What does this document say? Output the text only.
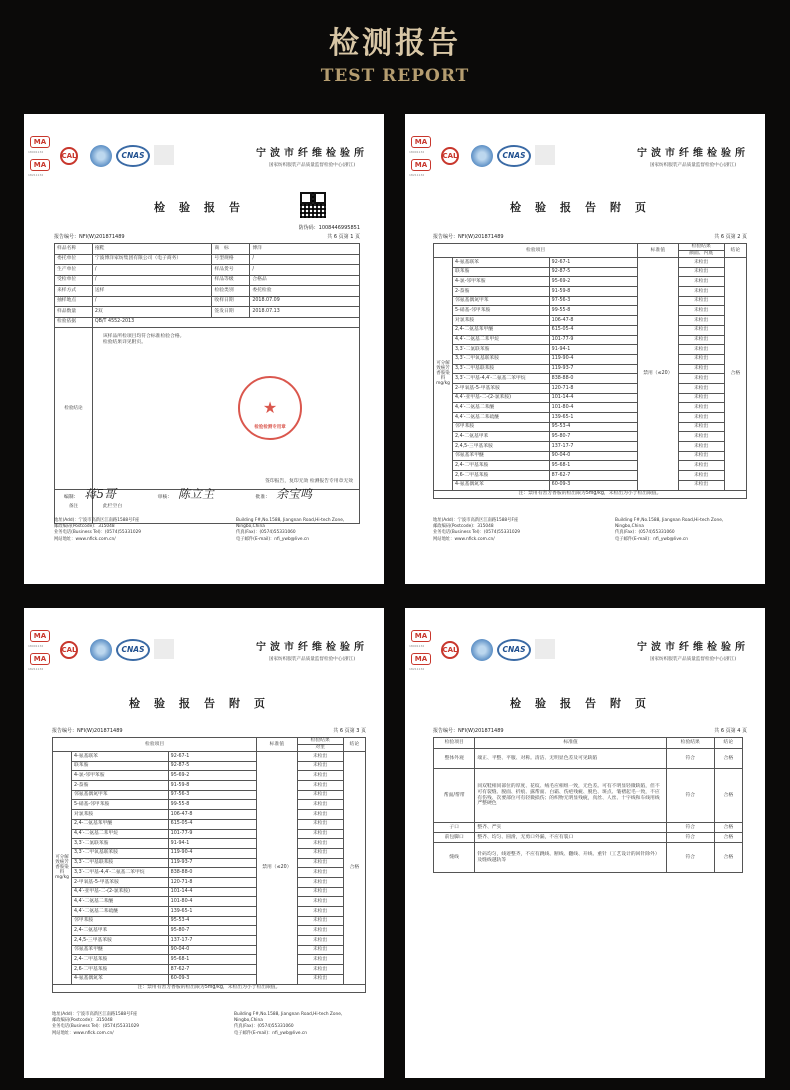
检测报告
TEST REPORT
MA
18001132
MA
18211132
CAL	CNAS	宁波市纤维检验所
国家纺织服装产品质量监督检验中心(浙江)
检验报告
防伪码：1008446995851
报告编号：NFI(W)201871489	共 6 页第 1 页
样品名称	拖鞋	商　标	博洋
委托单位	宁波博洋家纺集团有限公司（电子商务）	号型规格	/
生产单位	/	样品货号	/
受检单位	/	样品等级	合格品
来样方式	送样	检验类别	委托检验
抽样地点	/	收样日期	2018.07.09
样品数量	2双	签发日期	2018.07.13
检验依据	QB/T 4552-2013		
检验结论	该样品所检项目均符合标准检验合格。
检验结果详见附页。
签印报告，复印无效 检测报告专用章无效		

备注	此栏空白		
★
检验检测专用章
编制： 蒋5哥	审核： 陈立主	批准： 余宝鸣
地址(Add)：宁波市高新区江南路1588号F座
邮政编码(Postcode)：315048
业务电话(Business Tel)：(0574)55331029
网站地址：www.nfick.com.cn/
Building F#,No.1588, Jiangnan Road,Hi-tech Zone,
Ningbo,China
传真(Fax)：(0574)55331060
电子邮件(E-mail)：nfi_ywb@live.cn
MA
18001132
MA
18211132
CAL	CNAS	宁波市纤维检验所
国家纺织服装产品质量监督检验中心(浙江)
检验报告附页
报告编号：NFI(W)201871489	共 6 页第 2 页
检验项目			标准值	检验结果	结论
				颜面、内底	

可分解致癌芳香胺染料
mg/kg	4-氨基联苯	92-67-1	禁用（≤20）	未检出	合格
	联苯胺	92-87-5		未检出	
	4-氯-邻甲苯胺	95-69-2		未检出	
	2-萘胺	91-59-8		未检出	
	邻氨基偶氮甲苯	97-56-3		未检出	
	5-硝基-邻甲苯胺	99-55-8		未检出	
	对氯苯胺	106-47-8		未检出	
	2,4-二氨基苯甲醚	615-05-4		未检出	
	4,4′-二氨基二苯甲烷	101-77-9		未检出	
	3,3′-二氯联苯胺	91-94-1		未检出	
	3,3′-二甲氧基联苯胺	119-90-4		未检出	
	3,3′-二甲基联苯胺	119-93-7		未检出	
	3,3′-二甲基-4,4′-二氨基二苯甲烷	838-88-0		未检出	
	2-甲氧基-5-甲基苯胺	120-71-8		未检出	
	4,4′-亚甲基-二-(2-氯苯胺)	101-14-4		未检出	
	4,4′-二氨基二苯醚	101-80-4		未检出	
	4,4′-二氨基二苯硫醚	139-65-1		未检出	
	邻甲苯胺	95-53-4		未检出	
	2,4-二氨基甲苯	95-80-7		未检出	
	2,4,5-三甲基苯胺	137-17-7		未检出	
	邻氨基苯甲醚	90-04-0		未检出	
	2,4-二甲基苯胺	95-68-1		未检出	
	2,6-二甲基苯胺	87-62-7		未检出	
	4-氨基偶氮苯	60-09-3		未检出	
注：禁用有害芳香胺的检出限为5mg/kg，未检出为小于检出限值。					
地址(Add)：宁波市高新区江南路1588号F座
邮政编码(Postcode)：315048
业务电话(Business Tel)：(0574)55331029
网站地址：www.nfick.com.cn/
Building F#,No.1588, Jiangnan Road,Hi-tech Zone,
Ningbo,China
传真(Fax)：(0574)55331060
电子邮件(E-mail)：nfi_ywb@live.cn
MA
18001132
MA
18211132
CAL	CNAS	宁波市纤维检验所
国家纺织服装产品质量监督检验中心(浙江)
检验报告附页
报告编号：NFI(W)201871489	共 6 页第 3 页
检验项目			标准值	检验结果	结论
				对里	

可分解致癌芳香胺染料
mg/kg	4-氨基联苯	92-67-1	禁用（≤20）	未检出	合格
	联苯胺	92-87-5		未检出	
	4-氯-邻甲苯胺	95-69-2		未检出	
	2-萘胺	91-59-8		未检出	
	邻氨基偶氮甲苯	97-56-3		未检出	
	5-硝基-邻甲苯胺	99-55-8		未检出	
	对氯苯胺	106-47-8		未检出	
	2,4-二氨基苯甲醚	615-05-4		未检出	
	4,4′-二氨基二苯甲烷	101-77-9		未检出	
	3,3′-二氯联苯胺	91-94-1		未检出	
	3,3′-二甲氧基联苯胺	119-90-4		未检出	
	3,3′-二甲基联苯胺	119-93-7		未检出	
	3,3′-二甲基-4,4′-二氨基二苯甲烷	838-88-0		未检出	
	2-甲氧基-5-甲基苯胺	120-71-8		未检出	
	4,4′-亚甲基-二-(2-氯苯胺)	101-14-4		未检出	
	4,4′-二氨基二苯醚	101-80-4		未检出	
	4,4′-二氨基二苯硫醚	139-65-1		未检出	
	邻甲苯胺	95-53-4		未检出	
	2,4-二氨基甲苯	95-80-7		未检出	
	2,4,5-三甲基苯胺	137-17-7		未检出	
	邻氨基苯甲醚	90-04-0		未检出	
	2,4-二甲基苯胺	95-68-1		未检出	
	2,6-二甲基苯胺	87-62-7		未检出	
	4-氨基偶氮苯	60-09-3		未检出	
注：禁用有害芳香胺的检出限为5mg/kg，未检出为小于检出限值。					
地址(Add)：宁波市高新区江南路1588号F座
邮政编码(Postcode)：315048
业务电话(Business Tel)：(0574)55331029
网站地址：www.nfick.com.cn/
Building F#,No.1588, Jiangnan Road,Hi-tech Zone,
Ningbo,China
传真(Fax)：(0574)55331060
电子邮件(E-mail)：nfi_ywb@live.cn
MA
18001132
MA
18211132
CAL	CNAS	宁波市纤维检验所
国家纺织服装产品质量监督检验中心(浙江)
检验报告附页
报告编号：NFI(W)201871489	共 6 页第 4 页
检验项目	标准值	检验结果	结论
整体外观	端正、平整、平服、对称。清洁、无明显色差及可见缺陷	符合	合格
帮面/帮带	同双鞋相同部位的厚度、花纹、绒毛应相组一致，无色差。可有不明显轻微缺陷，但不可有裂缝、脱面、折痕、露帮面、白霜、伤疤残疵、脱色、斑点、皱褶起毛一致，不应有伤残、次要部位可有轻微损伤；的织物无明显残疵，真丝、人丝、十字线和车线用线严整硬色	符合	合格
子口	整齐、严实	符合	合格
前包脚口	整齐、均匀、圆滑，无剪口外漏，不应有裂口	符合	合格
缝线	针码均匀，线迹整齐，不应有跳线、断线、翻线、开线、重针（工艺设计的回针除外）及缝线越轨等	符合	合格
